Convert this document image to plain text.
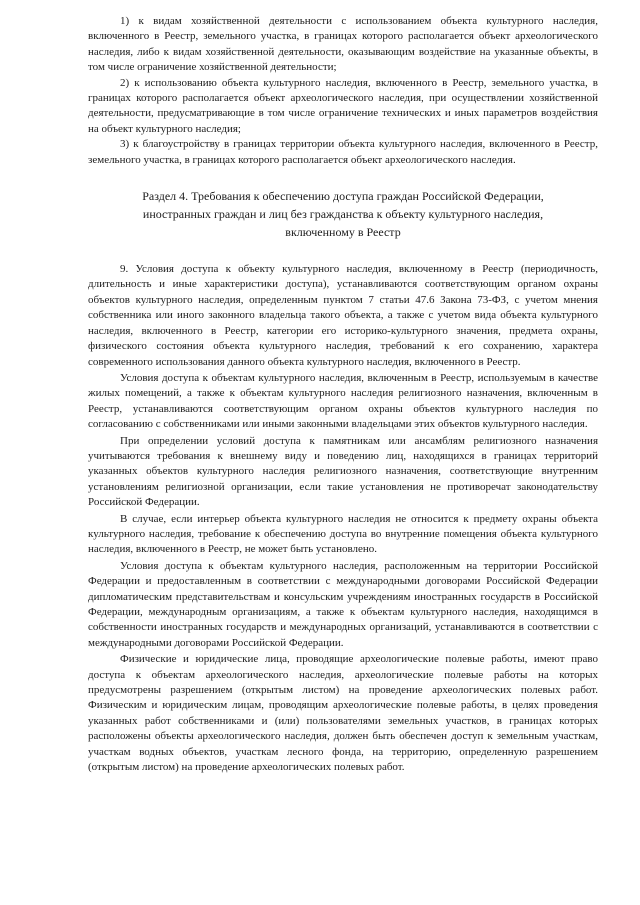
1) к видам хозяйственной деятельности с использованием объекта культурного наследия, включенного в Реестр, земельного участка, в границах которого располагается объект археологического наследия, либо к видам хозяйственной деятельности, оказывающим воздействие на указанные объекты, в том числе ограничение хозяйственной деятельности;

2) к использованию объекта культурного наследия, включенного в Реестр, земельного участка, в границах которого располагается объект археологического наследия, при осуществлении хозяйственной деятельности, предусматривающие в том числе ограничение технических и иных параметров воздействия на объект культурного наследия;

3) к благоустройству в границах территории объекта культурного наследия, включенного в Реестр, земельного участка, в границах которого располагается объект археологического наследия.

Раздел 4. Требования к обеспечению доступа граждан Российской Федерации,
иностранных граждан и лиц без гражданства к объекту культурного наследия,
включенному в Реестр

9. Условия доступа к объекту культурного наследия, включенному в Реестр (периодичность, длительность и иные характеристики доступа), устанавливаются соответствующим органом охраны объектов культурного наследия, определенным пунктом 7 статьи 47.6 Закона 73-ФЗ, с учетом мнения собственника или иного законного владельца такого объекта, а также с учетом вида объекта культурного наследия, включенного в Реестр, категории его историко-культурного значения, предмета охраны, физического состояния объекта культурного наследия, требований к его сохранению, характера современного использования данного объекта культурного наследия, включенного в Реестр.

Условия доступа к объектам культурного наследия, включенным в Реестр, используемым в качестве жилых помещений, а также к объектам культурного наследия религиозного назначения, включенным в Реестр, устанавливаются соответствующим органом охраны объектов культурного наследия по согласованию с собственниками или иными законными владельцами этих объектов культурного наследия.

При определении условий доступа к памятникам или ансамблям религиозного назначения учитываются требования к внешнему виду и поведению лиц, находящихся в границах территорий указанных объектов культурного наследия религиозного назначения, соответствующие внутренним установлениям религиозной организации, если такие установления не противоречат законодательству Российской Федерации.

В случае, если интерьер объекта культурного наследия не относится к предмету охраны объекта культурного наследия, требование к обеспечению доступа во внутренние помещения объекта культурного наследия, включенного в Реестр, не может быть установлено.

Условия доступа к объектам культурного наследия, расположенным на территории Российской Федерации и предоставленным в соответствии с международными договорами Российской Федерации дипломатическим представительствам и консульским учреждениям иностранных государств в Российской Федерации, международным организациям, а также к объектам культурного наследия, находящимся в собственности иностранных государств и международных организаций, устанавливаются в соответствии с международными договорами Российской Федерации.

Физические и юридические лица, проводящие археологические полевые работы, имеют право доступа к объектам археологического наследия, археологические полевые работы на которых предусмотрены разрешением (открытым листом) на проведение археологических полевых работ. Физическим и юридическим лицам, проводящим археологические полевые работы, в целях проведения указанных работ собственниками и (или) пользователями земельных участков, в границах которых расположены объекты археологического наследия, должен быть обеспечен доступ к земельным участкам, участкам водных объектов, участкам лесного фонда, на территорию, определенную разрешением (открытым листом) на проведение археологических полевых работ.
